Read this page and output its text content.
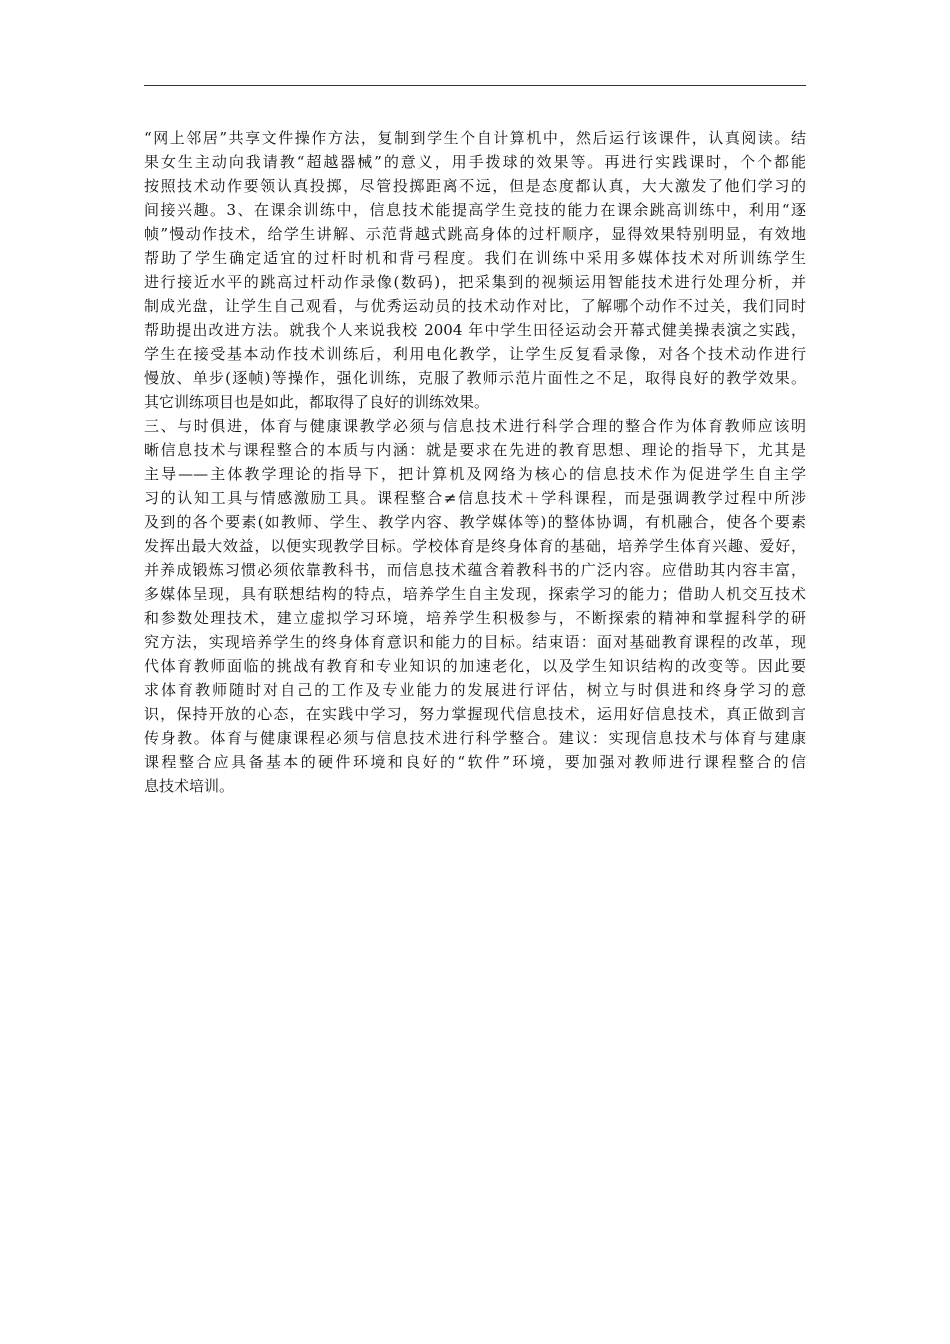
“网上邻居”共享文件操作方法，复制到学生个自计算机中，然后运行该课件，认真阅读。结
果女生主动向我请教“超越器械”的意义，用手拨球的效果等。再进行实践课时，个个都能
按照技术动作要领认真投掷，尽管投掷距离不远，但是态度都认真，大大激发了他们学习的
间接兴趣。3、在课余训练中，信息技术能提高学生竞技的能力在课余跳高训练中，利用“逐
帧”慢动作技术，给学生讲解、示范背越式跳高身体的过杆顺序，显得效果特别明显，有效地
帮助了学生确定适宜的过杆时机和背弓程度。我们在训练中采用多媒体技术对所训练学生
进行接近水平的跳高过杆动作录像(数码)，把采集到的视频运用智能技术进行处理分析，并
制成光盘，让学生自己观看，与优秀运动员的技术动作对比，了解哪个动作不过关，我们同时
帮助提出改进方法。就我个人来说我校 2004 年中学生田径运动会开幕式健美操表演之实践，
学生在接受基本动作技术训练后，利用电化教学，让学生反复看录像，对各个技术动作进行
慢放、单步(逐帧)等操作，强化训练，克服了教师示范片面性之不足，取得良好的教学效果。
其它训练项目也是如此，都取得了良好的训练效果。
三、与时俱进，体育与健康课教学必须与信息技术进行科学合理的整合作为体育教师应该明
晰信息技术与课程整合的本质与内涵：就是要求在先进的教育思想、理论的指导下，尤其是
主导——主体教学理论的指导下，把计算机及网络为核心的信息技术作为促进学生自主学
习的认知工具与情感激励工具。课程整合≠信息技术＋学科课程，而是强调教学过程中所涉
及到的各个要素(如教师、学生、教学内容、教学媒体等)的整体协调，有机融合，使各个要素
发挥出最大效益，以便实现教学目标。学校体育是终身体育的基础，培养学生体育兴趣、爱好，
并养成锻炼习惯必须依靠教科书，而信息技术蕴含着教科书的广泛内容。应借助其内容丰富，
多媒体呈现，具有联想结构的特点，培养学生自主发现，探索学习的能力；借助人机交互技术
和参数处理技术，建立虚拟学习环境，培养学生积极参与，不断探索的精神和掌握科学的研
究方法，实现培养学生的终身体育意识和能力的目标。结束语：面对基础教育课程的改革，现
代体育教师面临的挑战有教育和专业知识的加速老化，以及学生知识结构的改变等。因此要
求体育教师随时对自己的工作及专业能力的发展进行评估，树立与时俱进和终身学习的意
识，保持开放的心态，在实践中学习，努力掌握现代信息技术，运用好信息技术，真正做到言
传身教。体育与健康课程必须与信息技术进行科学整合。建议：实现信息技术与体育与建康
课程整合应具备基本的硬件环境和良好的“软件”环境，要加强对教师进行课程整合的信
息技术培训。
